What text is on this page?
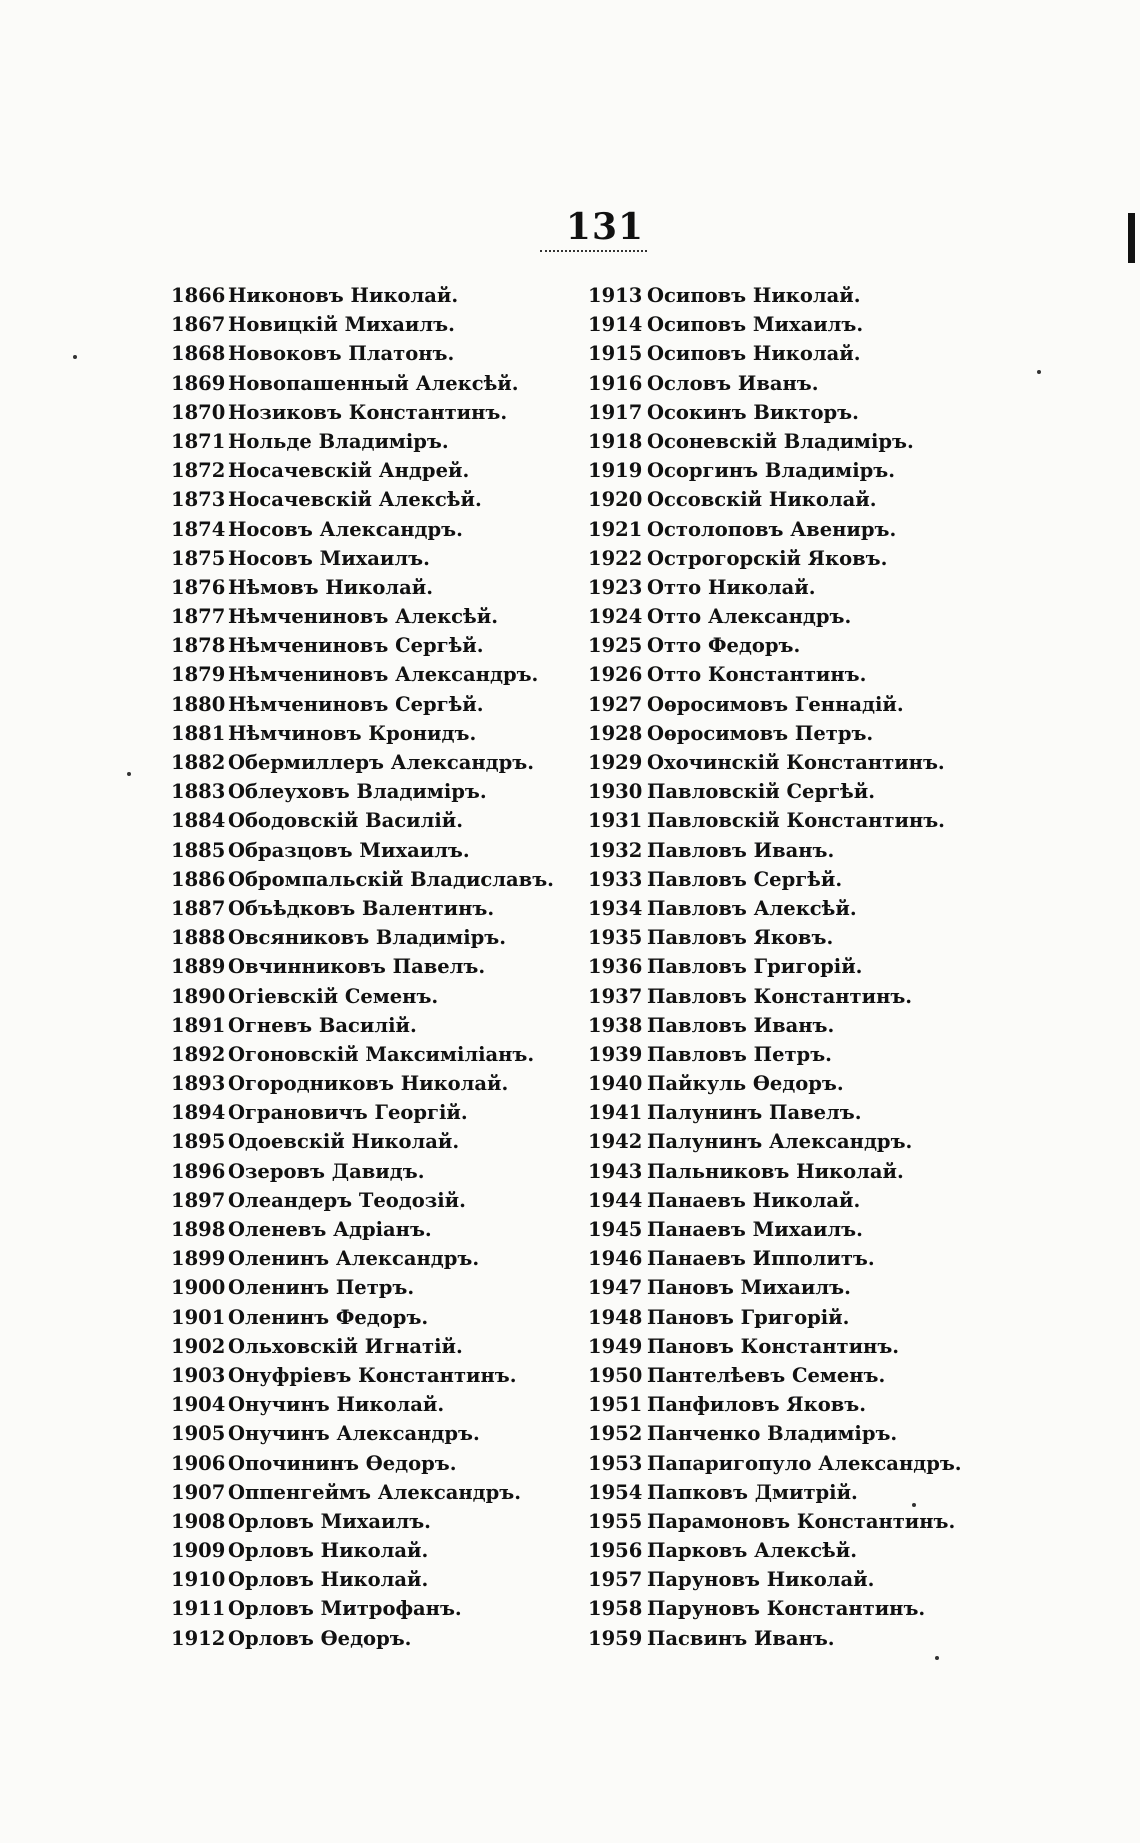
131
1866 Никоновъ Николай.
1867 Новицкій Михаилъ.
1868 Новоковъ Платонъ.
1869 Новопашенный Алексѣй.
1870 Нозиковъ Константинъ.
1871 Нольде Владиміръ.
1872 Носачевскій Андрей.
1873 Носачевскій Алексѣй.
1874 Носовъ Александръ.
1875 Носовъ Михаилъ.
1876 Нѣмовъ Николай.
1877 Нѣмчениновъ Алексѣй.
1878 Нѣмчениновъ Сергѣй.
1879 Нѣмчениновъ Александръ.
1880 Нѣмчениновъ Сергѣй.
1881 Нѣмчиновъ Кронидъ.
1882 Обермиллеръ Александръ.
1883 Облеуховъ Владиміръ.
1884 Ободовскій Василій.
1885 Образцовъ Михаилъ.
1886 Обромпальскій Владиславъ.
1887 Объѣдковъ Валентинъ.
1888 Овсяниковъ Владиміръ.
1889 Овчинниковъ Павелъ.
1890 Огіевскій Семенъ.
1891 Огневъ Василій.
1892 Огоновскій Максиміліанъ.
1893 Огородниковъ Николай.
1894 Ограновичъ Георгій.
1895 Одоевскій Николай.
1896 Озеровъ Давидъ.
1897 Олеандеръ Теодозій.
1898 Оленевъ Адріанъ.
1899 Оленинъ Александръ.
1900 Оленинъ Петръ.
1901 Оленинъ Федоръ.
1902 Ольховскій Игнатій.
1903 Онуфріевъ Константинъ.
1904 Онучинъ Николай.
1905 Онучинъ Александръ.
1906 Опочининъ Ѳедоръ.
1907 Оппенгеймъ Александръ.
1908 Орловъ Михаилъ.
1909 Орловъ Николай.
1910 Орловъ Николай.
1911 Орловъ Митрофанъ.
1912 Орловъ Ѳедоръ.
1913 Осиповъ Николай.
1914 Осиповъ Михаилъ.
1915 Осиповъ Николай.
1916 Ословъ Иванъ.
1917 Осокинъ Викторъ.
1918 Осоневскій Владиміръ.
1919 Осоргинъ Владиміръ.
1920 Оссовскій Николай.
1921 Остолоповъ Авениръ.
1922 Острогорскій Яковъ.
1923 Отто Николай.
1924 Отто Александръ.
1925 Отто Федоръ.
1926 Отто Константинъ.
1927 Оѳросимовъ Геннадій.
1928 Оѳросимовъ Петръ.
1929 Охочинскій Константинъ.
1930 Павловскій Сергѣй.
1931 Павловскій Константинъ.
1932 Павловъ Иванъ.
1933 Павловъ Сергѣй.
1934 Павловъ Алексѣй.
1935 Павловъ Яковъ.
1936 Павловъ Григорій.
1937 Павловъ Константинъ.
1938 Павловъ Иванъ.
1939 Павловъ Петръ.
1940 Пайкуль Ѳедоръ.
1941 Палунинъ Павелъ.
1942 Палунинъ Александръ.
1943 Пальниковъ Николай.
1944 Панаевъ Николай.
1945 Панаевъ Михаилъ.
1946 Панаевъ Ипполитъ.
1947 Пановъ Михаилъ.
1948 Пановъ Григорій.
1949 Пановъ Константинъ.
1950 Пантелѣевъ Семенъ.
1951 Панфиловъ Яковъ.
1952 Панченко Владиміръ.
1953 Папаригопуло Александръ.
1954 Папковъ Дмитрій.
1955 Парамоновъ Константинъ.
1956 Парковъ Алексѣй.
1957 Паруновъ Николай.
1958 Паруновъ Константинъ.
1959 Пасвинъ Иванъ.
